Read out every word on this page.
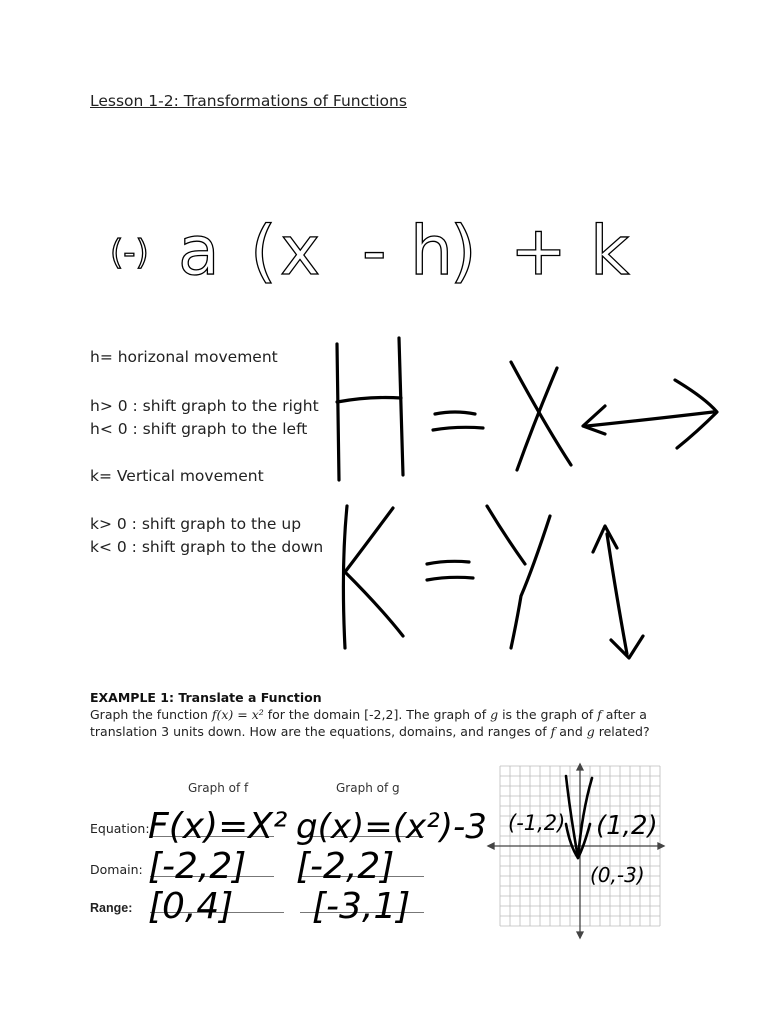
Lesson 1-2: Transformations of Functions
(-) a ( x - h
) + k
h= horizonal movement
h> 0 : shift graph to the right
h< 0 : shift graph to the left
k= Vertical movement
k> 0 : shift graph to the up
k< 0 : shift graph to the down
EXAMPLE 1: Translate a Function
Graph the function f(x) = x² for the domain [-2,2]. The graph of g is the graph of f after a translation 3 units down. How are the equations, domains, and ranges of f and g related?
Graph of f	Graph of g
Equation:
Domain:
Range:
F(x)=X² g(x)=(x²)-3
[-2,2] [-2,2]
[0,4] [-3,1]
(-1,2) (1,2)
(0,-3)
